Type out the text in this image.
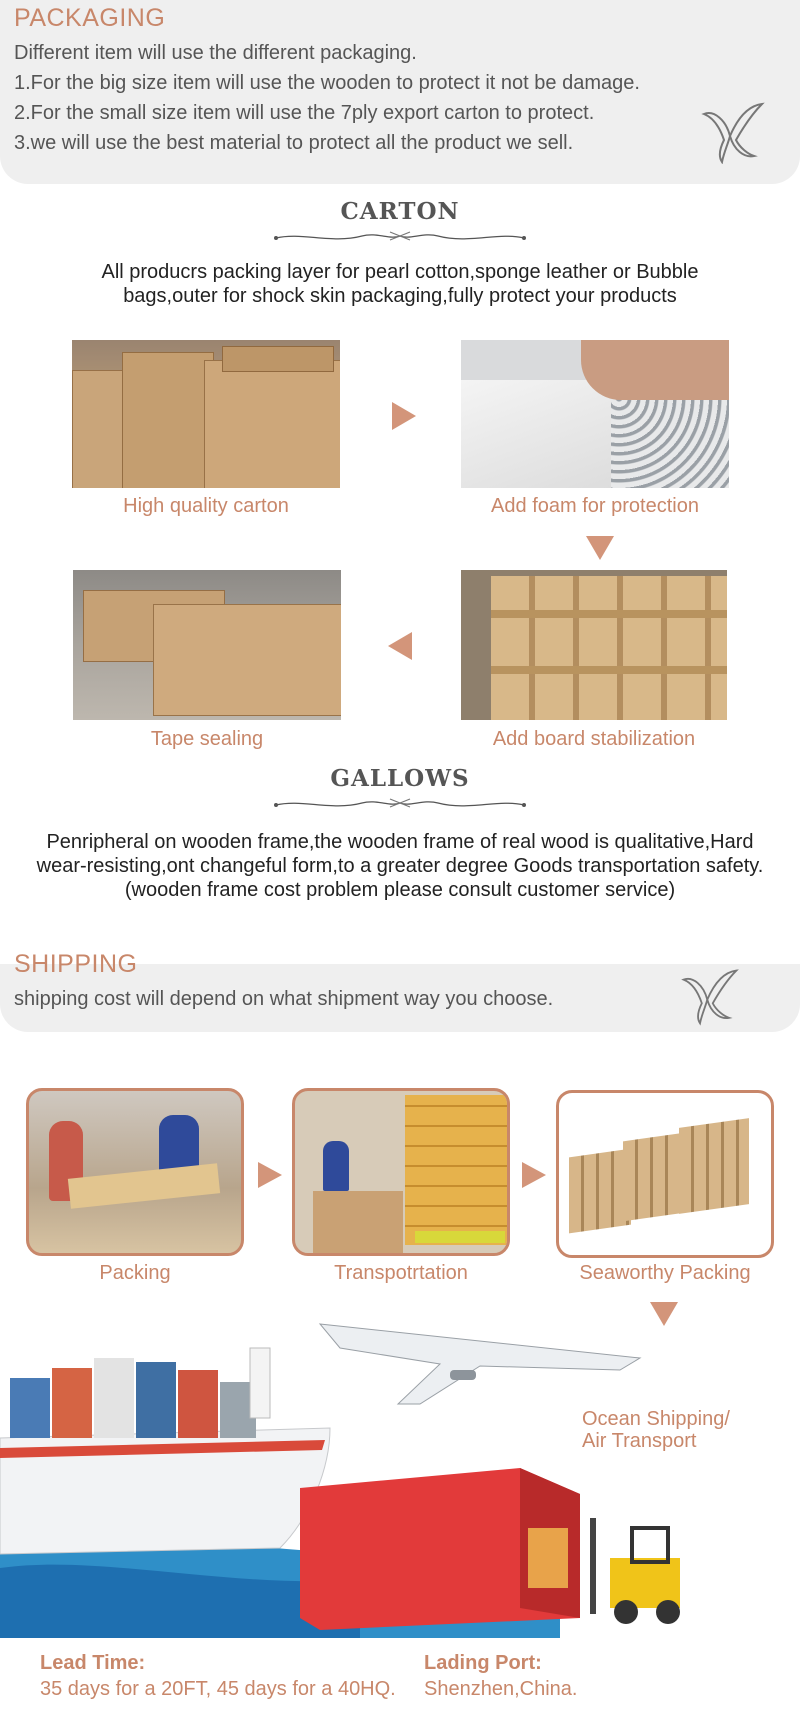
PACKAGING
Different item will use the different packaging.
1.For the big size item will use the wooden to protect it not be damage.
2.For the small size item will use the 7ply export carton to protect.
3.we will use the best material to protect all the product we sell.
CARTON
All producrs packing layer for pearl cotton,sponge leather or Bubble
bags,outer for shock skin packaging,fully protect your products
High quality carton	Add foam for protection
Tape sealing	Add board stabilization
GALLOWS
Penripheral on wooden frame,the wooden frame of real wood is qualitative,Hard
wear-resisting,ont changeful form,to a greater degree Goods transportation safety.
(wooden frame cost problem please consult customer service)
SHIPPING
shipping cost will depend on what shipment way you choose.
Packing	Transpotrtation	Seaworthy Packing
Ocean Shipping/
Air Transport
Lead Time:
35 days for a 20FT, 45 days for a 40HQ.
Lading Port:
Shenzhen,China.
